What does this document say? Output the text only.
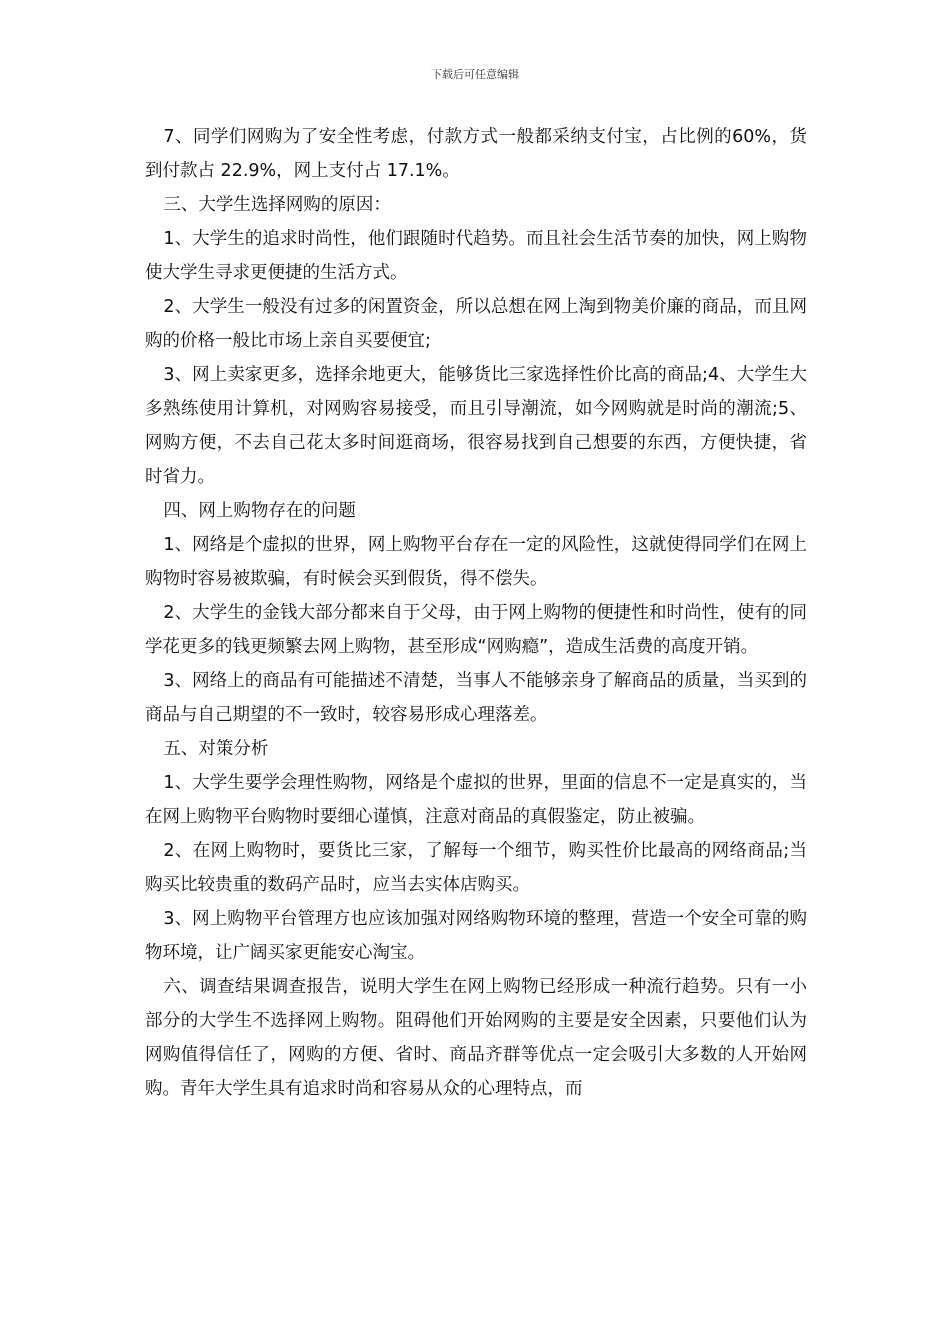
下载后可任意编辑

7、同学们网购为了安全性考虑，付款方式一般都采纳支付宝，占比例的60%，货到付款占 22.9%，网上支付占 17.1%。

三、大学生选择网购的原因：

1、大学生的追求时尚性，他们跟随时代趋势。而且社会生活节奏的加快，网上购物使大学生寻求更便捷的生活方式。

2、大学生一般没有过多的闲置资金，所以总想在网上淘到物美价廉的商品，而且网购的价格一般比市场上亲自买要便宜;

3、网上卖家更多，选择余地更大，能够货比三家选择性价比高的商品;4、大学生大多熟练使用计算机，对网购容易接受，而且引导潮流，如今网购就是时尚的潮流;5、网购方便，不去自己花太多时间逛商场，很容易找到自己想要的东西，方便快捷，省时省力。

四、网上购物存在的问题

1、网络是个虚拟的世界，网上购物平台存在一定的风险性，这就使得同学们在网上购物时容易被欺骗，有时候会买到假货，得不偿失。

2、大学生的金钱大部分都来自于父母，由于网上购物的便捷性和时尚性，使有的同学花更多的钱更频繁去网上购物，甚至形成“网购瘾”，造成生活费的高度开销。

3、网络上的商品有可能描述不清楚，当事人不能够亲身了解商品的质量，当买到的商品与自己期望的不一致时，较容易形成心理落差。

五、对策分析

1、大学生要学会理性购物，网络是个虚拟的世界，里面的信息不一定是真实的，当在网上购物平台购物时要细心谨慎，注意对商品的真假鉴定，防止被骗。

2、在网上购物时，要货比三家，了解每一个细节，购买性价比最高的网络商品;当购买比较贵重的数码产品时，应当去实体店购买。

3、网上购物平台管理方也应该加强对网络购物环境的整理，营造一个安全可靠的购物环境，让广阔买家更能安心淘宝。

六、调查结果调查报告，说明大学生在网上购物已经形成一种流行趋势。只有一小部分的大学生不选择网上购物。阻碍他们开始网购的主要是安全因素，只要他们认为网购值得信任了，网购的方便、省时、商品齐群等优点一定会吸引大多数的人开始网购。青年大学生具有追求时尚和容易从众的心理特点，而
